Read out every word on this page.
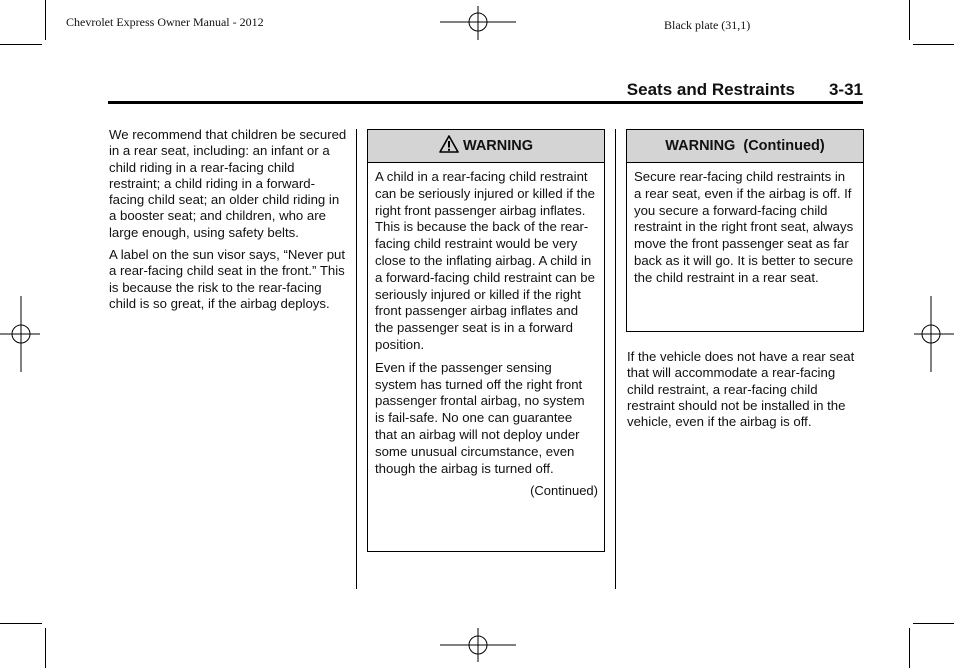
Chevrolet Express Owner Manual - 2012	Black plate (31,1)
Seats and Restraints 3-31

We recommend that children be secured in a rear seat, including: an infant or a child riding in a rear-facing child restraint; a child riding in a forward-facing child seat; an older child riding in a booster seat; and children, who are large enough, using safety belts.

A label on the sun visor says, “Never put a rear-facing child seat in the front.” This is because the risk to the rear-facing child is so great, if the airbag deploys.

WARNING

A child in a rear-facing child restraint can be seriously injured or killed if the right front passenger airbag inflates. This is because the back of the rear-facing child restraint would be very close to the inflating airbag. A child in a forward-facing child restraint can be seriously injured or killed if the right front passenger airbag inflates and the passenger seat is in a forward position.

Even if the passenger sensing system has turned off the right front passenger frontal airbag, no system is fail-safe. No one can guarantee that an airbag will not deploy under some unusual circumstance, even though the airbag is turned off.

(Continued)
WARNING  (Continued)

Secure rear-facing child restraints in a rear seat, even if the airbag is off. If you secure a forward-facing child restraint in the right front seat, always move the front passenger seat as far back as it will go. It is better to secure the child restraint in a rear seat.

If the vehicle does not have a rear seat that will accommodate a rear-facing child restraint, a rear-facing child restraint should not be installed in the vehicle, even if the airbag is off.
